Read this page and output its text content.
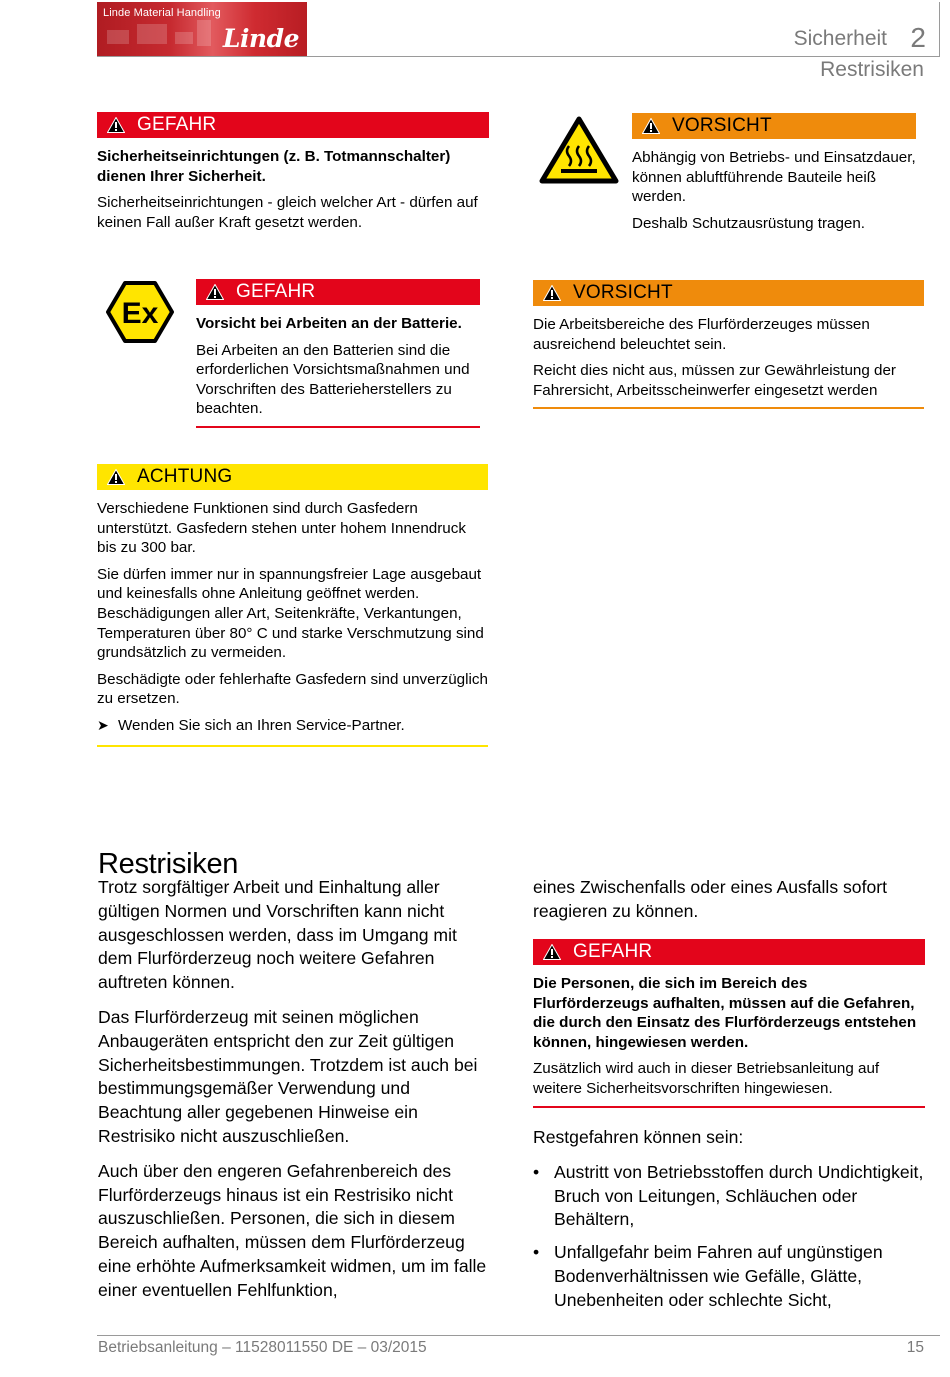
Linde Material Handling
Linde	Sicherheit 2
Restrisiken
GEFAHR

Sicherheitseinrichtungen (z. B. Totmannschalter) dienen Ihrer Sicherheit.

Sicherheitseinrichtungen - gleich welcher Art - dürfen auf keinen Fall außer Kraft gesetzt werden.

VORSICHT

Abhängig von Betriebs- und Einsatzdauer, können abluftführende Bauteile heiß werden.

Deshalb Schutzausrüstung tragen.

Ex
GEFAHR

Vorsicht bei Arbeiten an der Batterie.

Bei Arbeiten an den Batterien sind die erforderlichen Vorsichtsmaßnahmen und Vorschriften des Batterieherstellers zu beachten.

VORSICHT

Die Arbeitsbereiche des Flurförderzeuges müssen ausreichend beleuchtet sein.

Reicht dies nicht aus, müssen zur Gewährleistung der Fahrersicht, Arbeitsscheinwerfer eingesetzt werden

ACHTUNG

Verschiedene Funktionen sind durch Gasfedern unterstützt. Gasfedern stehen unter hohem Innendruck bis zu 300 bar.

Sie dürfen immer nur in spannungsfreier Lage ausgebaut und keinesfalls ohne Anleitung geöffnet werden. Beschädigungen aller Art, Seitenkräfte, Verkantungen, Temperaturen über 80° C und starke Verschmutzung sind grundsätzlich zu vermeiden.

Beschädigte oder fehlerhafte Gasfedern sind unverzüglich zu ersetzen.

➤ Wenden Sie sich an Ihren Service-Partner.
Restrisiken

Trotz sorgfältiger Arbeit und Einhaltung aller gültigen Normen und Vorschriften kann nicht ausgeschlossen werden, dass im Umgang mit dem Flurförderzeug noch weitere Gefahren auftreten können.

Das Flurförderzeug mit seinen möglichen Anbaugeräten entspricht den zur Zeit gültigen Sicherheitsbestimmungen. Trotzdem ist auch bei bestimmungsgemäßer Verwendung und Beachtung aller gegebenen Hinweise ein Restrisiko nicht auszuschließen.

Auch über den engeren Gefahrenbereich des Flurförderzeugs hinaus ist ein Restrisiko nicht auszuschließen. Personen, die sich in diesem Bereich aufhalten, müssen dem Flurförderzeug eine erhöhte Aufmerksamkeit widmen, um im falle einer eventuellen Fehlfunktion,

eines Zwischenfalls oder eines Ausfalls sofort reagieren zu können.

GEFAHR

Die Personen, die sich im Bereich des Flurförderzeugs aufhalten, müssen auf die Gefahren, die durch den Einsatz des Flurförderzeugs entstehen können, hingewiesen werden.

Zusätzlich wird auch in dieser Betriebsanleitung auf weitere Sicherheitsvorschriften hingewiesen.

Restgefahren können sein:

• Austritt von Betriebsstoffen durch Undichtigkeit, Bruch von Leitungen, Schläuchen oder Behältern,
• Unfallgefahr beim Fahren auf ungünstigen Bodenverhältnissen wie Gefälle, Glätte, Unebenheiten oder schlechte Sicht,
Betriebsanleitung – 11528011550 DE – 03/2015	15
